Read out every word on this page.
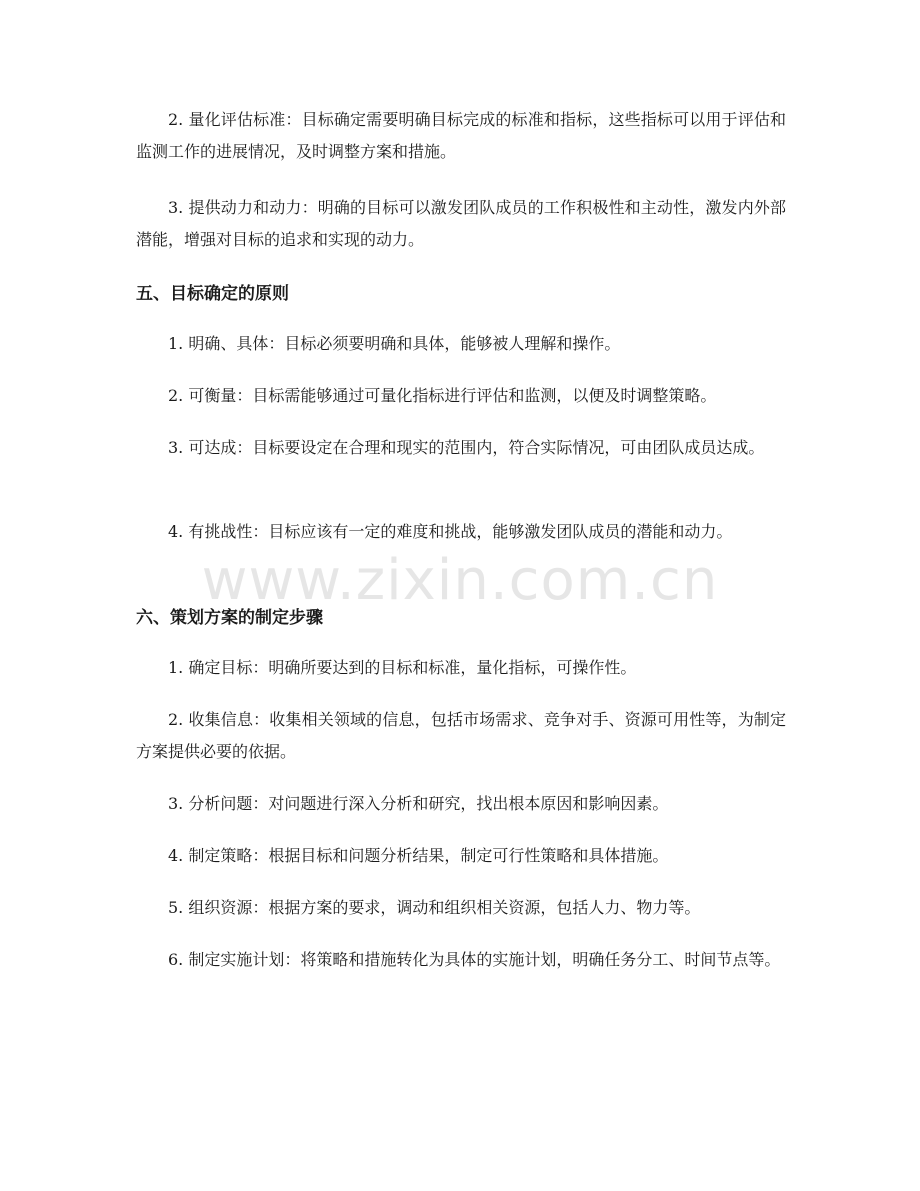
2. 量化评估标准：目标确定需要明确目标完成的标准和指标，这些指标可以用于评估和监测工作的进展情况，及时调整方案和措施。

3. 提供动力和动力：明确的目标可以激发团队成员的工作积极性和主动性，激发内外部潜能，增强对目标的追求和实现的动力。

五、目标确定的原则

1. 明确、具体：目标必须要明确和具体，能够被人理解和操作。

2. 可衡量：目标需能够通过可量化指标进行评估和监测，以便及时调整策略。

3. 可达成：目标要设定在合理和现实的范围内，符合实际情况，可由团队成员达成。

4. 有挑战性：目标应该有一定的难度和挑战，能够激发团队成员的潜能和动力。

www.zixin.com.cn
六、策划方案的制定步骤

1. 确定目标：明确所要达到的目标和标准，量化指标，可操作性。

2. 收集信息：收集相关领域的信息，包括市场需求、竞争对手、资源可用性等，为制定方案提供必要的依据。

3. 分析问题：对问题进行深入分析和研究，找出根本原因和影响因素。

4. 制定策略：根据目标和问题分析结果，制定可行性策略和具体措施。

5. 组织资源：根据方案的要求，调动和组织相关资源，包括人力、物力等。

6. 制定实施计划：将策略和措施转化为具体的实施计划，明确任务分工、时间节点等。
